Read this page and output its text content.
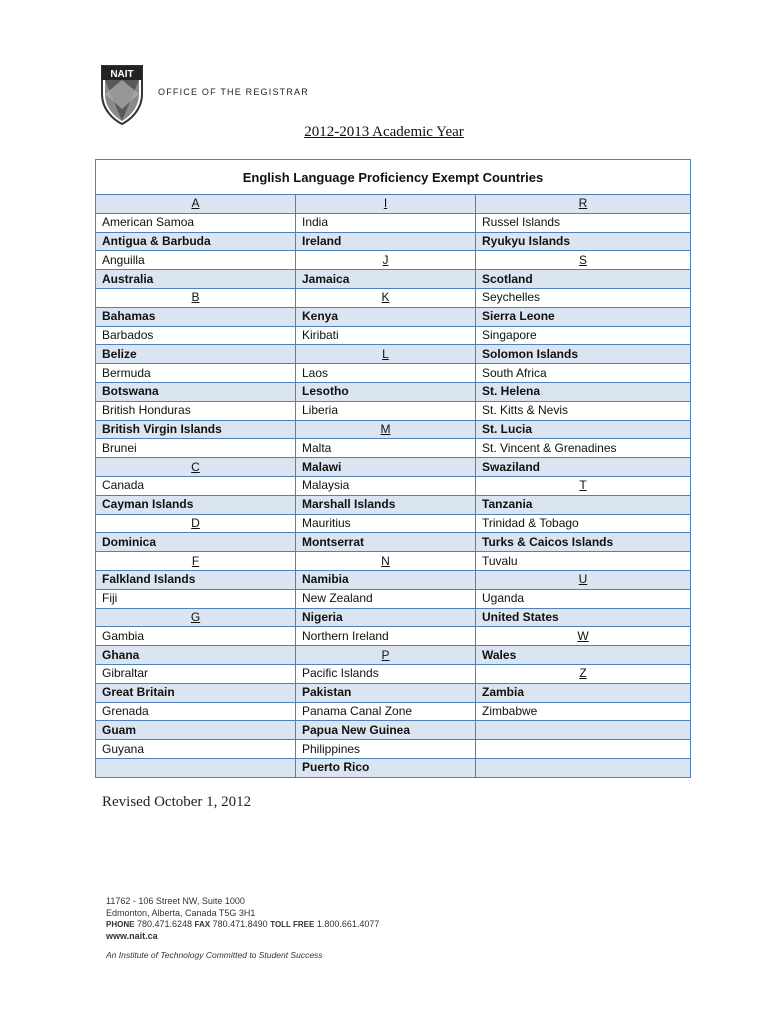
NAIT
OFFICE OF THE REGISTRAR
2012-2013 Academic Year
English Language Proficiency Exempt Countries		
A	I	R
American Samoa	India	Russel Islands
Antigua & Barbuda	Ireland	Ryukyu Islands
Anguilla	J	S
Australia	Jamaica	Scotland
B	K	Seychelles
Bahamas	Kenya	Sierra Leone
Barbados	Kiribati	Singapore
Belize	L	Solomon Islands
Bermuda	Laos	South Africa
Botswana	Lesotho	St. Helena
British Honduras	Liberia	St. Kitts & Nevis
British Virgin Islands	M	St. Lucia
Brunei	Malta	St. Vincent & Grenadines
C	Malawi	Swaziland
Canada	Malaysia	T
Cayman Islands	Marshall Islands	Tanzania
D	Mauritius	Trinidad & Tobago
Dominica	Montserrat	Turks & Caicos Islands
F	N	Tuvalu
Falkland Islands	Namibia	U
Fiji	New Zealand	Uganda
G	Nigeria	United States
Gambia	Northern Ireland	W
Ghana	P	Wales
Gibraltar	Pacific Islands	Z
Great Britain	Pakistan	Zambia
Grenada	Panama Canal Zone	Zimbabwe
Guam	Papua New Guinea	
Guyana	Philippines	
	Puerto Rico	
Revised October 1, 2012
11762 - 106 Street NW, Suite 1000
Edmonton, Alberta, Canada T5G 3H1
PHONE 780.471.6248 FAX 780.471.8490 TOLL FREE 1.800.661.4077
www.nait.ca
An Institute of Technology Committed to Student Success
